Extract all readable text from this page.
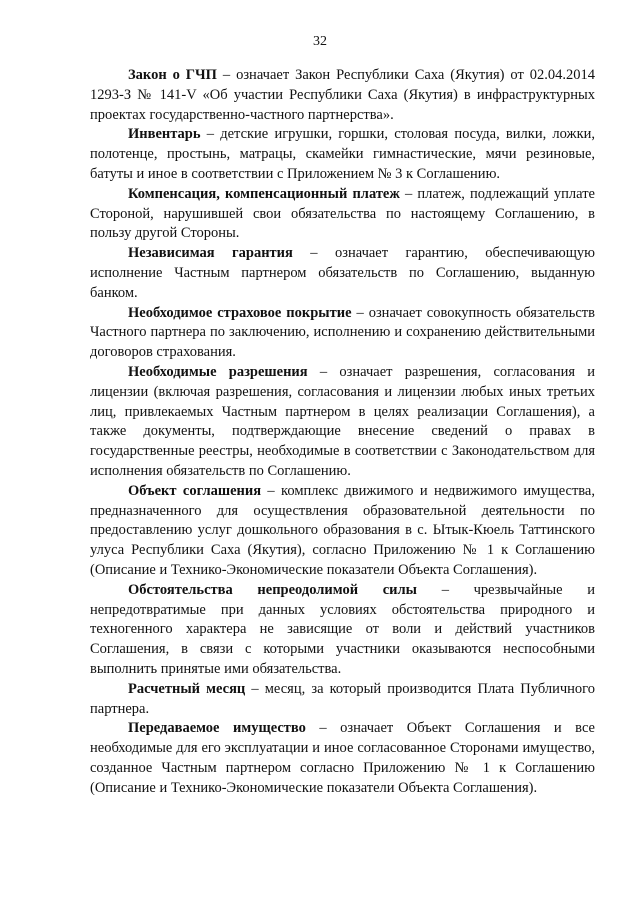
32

Закон о ГЧП – означает Закон Республики Саха (Якутия) от 02.04.2014 1293-З № 141-V «Об участии Республики Саха (Якутия) в инфраструктурных проектах государственно-частного партнерства».

Инвентарь – детские игрушки, горшки, столовая посуда, вилки, ложки, полотенце, простынь, матрацы, скамейки гимнастические, мячи резиновые, батуты и иное в соответствии с Приложением № 3 к Соглашению.

Компенсация, компенсационный платеж – платеж, подлежащий уплате Стороной, нарушившей свои обязательства по настоящему Соглашению, в пользу другой Стороны.

Независимая гарантия – означает гарантию, обеспечивающую исполнение Частным партнером обязательств по Соглашению, выданную банком.

Необходимое страховое покрытие – означает совокупность обязательств Частного партнера по заключению, исполнению и сохранению действительными договоров страхования.

Необходимые разрешения – означает разрешения, согласования и лицензии (включая разрешения, согласования и лицензии любых иных третьих лиц, привлекаемых Частным партнером в целях реализации Соглашения), а также документы, подтверждающие внесение сведений о правах в государственные реестры, необходимые в соответствии с Законодательством для исполнения обязательств по Соглашению.

Объект соглашения – комплекс движимого и недвижимого имущества, предназначенного для осуществления образовательной деятельности по предоставлению услуг дошкольного образования в с. Ытык-Кюель Таттинского улуса Республики Саха (Якутия), согласно Приложению № 1 к Соглашению (Описание и Технико-Экономические показатели Объекта Соглашения).

Обстоятельства непреодолимой силы – чрезвычайные и непредотвратимые при данных условиях обстоятельства природного и техногенного характера не зависящие от воли и действий участников Соглашения, в связи с которыми участники оказываются неспособными выполнить принятые ими обязательства.

Расчетный месяц – месяц, за который производится Плата Публичного партнера.

Передаваемое имущество – означает Объект Соглашения и все необходимые для его эксплуатации и иное согласованное Сторонами имущество, созданное Частным партнером согласно Приложению № 1 к Соглашению (Описание и Технико-Экономические показатели Объекта Соглашения).
